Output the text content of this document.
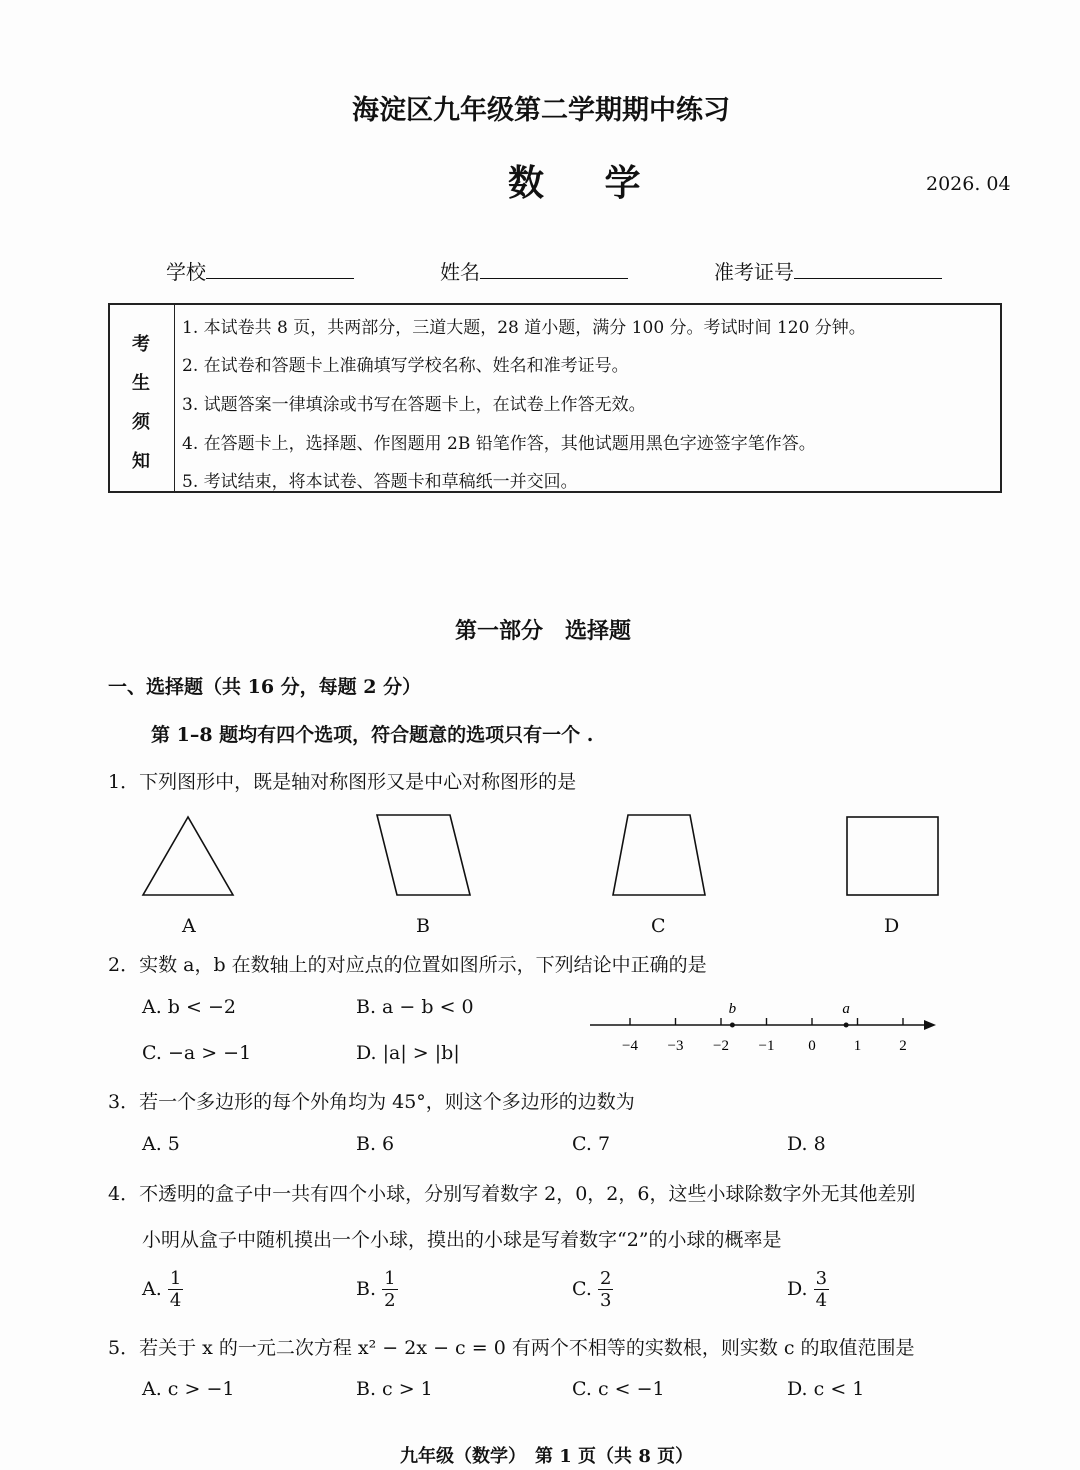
海淀区九年级第二学期期中练习
数 学	2026. 04
学校	姓名	准考证号
考
生
须
知
1. 本试卷共 8 页，共两部分，三道大题，28 道小题，满分 100 分。考试时间 120 分钟。
2. 在试卷和答题卡上准确填写学校名称、姓名和准考证号。
3. 试题答案一律填涂或书写在答题卡上，在试卷上作答无效。
4. 在答题卡上，选择题、作图题用 2B 铅笔作答，其他试题用黑色字迹签字笔作答。
5. 考试结束，将本试卷、答题卡和草稿纸一并交回。
第一部分　选择题
一、选择题（共 16 分，每题 2 分）
第 1–8 题均有四个选项，符合题意的选项只有一个 .
1．下列图形中，既是轴对称图形又是中心对称图形的是
A	B	C	D
2．实数 a，b 在数轴上的对应点的位置如图所示，下列结论中正确的是
A. b < −2	B. a − b < 0
C. −a > −1	D. |a| > |b|	−4 −3 −2 −1 0	1	2
b	a
3．若一个多边形的每个外角均为 45°，则这个多边形的边数为
A. 5	B. 6	C. 7	D. 8
4．不透明的盒子中一共有四个小球，分别写着数字 2，0，2，6，这些小球除数字外无其他差别
小明从盒子中随机摸出一个小球，摸出的小球是写着数字“2”的小球的概率是
A. $\frac{1}{4}$	B. $\frac{1}{2}$	C. $\frac{2}{3}$	D. $\frac{3}{4}$
5．若关于 x 的一元二次方程 x² − 2x − c = 0 有两个不相等的实数根，则实数 c 的取值范围是
A. c > −1	B. c > 1	C. c < −1	D. c < 1
九年级（数学）　第 1 页（共 8 页）
